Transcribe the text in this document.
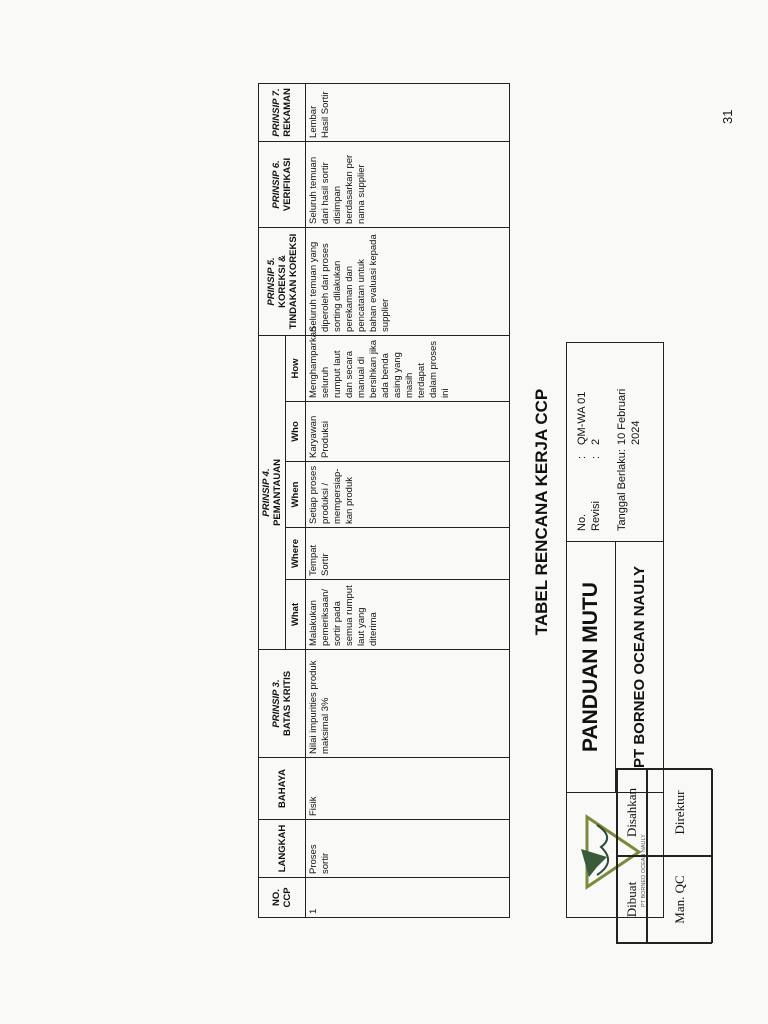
PT BORNEO OCEAN NAULY
PANDUAN MUTU	PT BORNEO OCEAN NAULY
No.
:
QM-WA 01
Revisi
:
2
Tanggal Berlaku:
10 Februari 2024
TABEL RENCANA KERJA CCP
NO. CCP	LANGKAH	BAHAYA	PRINSIP 3. BATAS KRITIS	PRINSIP 4. PEMANTAUAN					PRINSIP 5. KOREKSI & TINDAKAN KOREKSI	PRINSIP 6. VERIFIKASI	PRINSIP 7. REKAMAN
				What	Where	When	Who	How			
1	Proses sortir	Fisik	Nilai impurities produk maksimal 3%	Malakukan pemeriksaan/ sortir pada semua rumput laut yang diterima	Tempat Sortir	Setiap proses produksi / mempersiap-kan produk	Karyawan Produksi	Menghamparkan seluruh rumput laut dan secara manual di bersihkan jika ada benda asing yang masih terdapat dalam proses ini	Seluruh temuan yang diperoleh dari proses sorting dilakukan perekaman dan pencatatan untuk bahan evaluasi kepada supplier	Seluruh temuan dari hasil sortir disimpan berdasarkan per nama supplier	Lembar Hasil Sortir
Dibuat
Disahkan
Man. QC
Direktur
31
